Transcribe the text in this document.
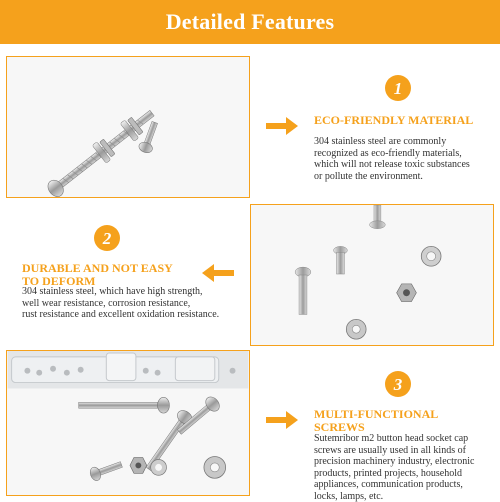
Detailed Features
1
ECO-FRIENDLY MATERIAL
304 stainless steel are commonly
recognized as eco-friendly materials,
which will not release toxic substances
or pollute the environment.
2
DURABLE AND NOT EASY
TO DEFORM
304 stainless steel, which have high strength,
well wear resistance, corrosion resistance,
rust resistance and excellent oxidation resistance.
3
MULTI-FUNCTIONAL
SCREWS
Sutemribor m2 button head socket cap
screws are usually used in all kinds of
precision machinery industry, electronic
products, printed projects, household
appliances, communication products,
locks, lamps, etc.
